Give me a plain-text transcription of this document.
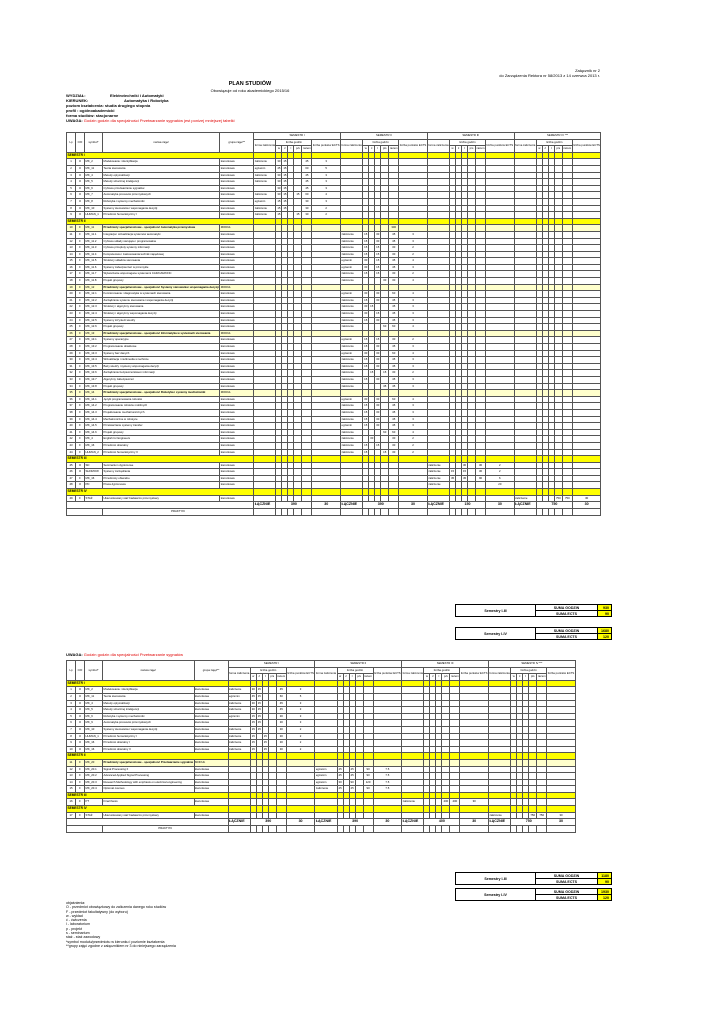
Załącznik nr 2
do Zarządzenia Rektora nr 58/2013 z 14 czerwca 2013 r.
PLAN STUDIÓW
Obowiązuje od roku akademickiego 2015/16
WYDZIAŁ:	Elektrotechniki i Automatyki
KIERUNEK:	Automatyka i Robotyka
poziom kształcenia: studia drugiego stopnia
profil : ogólnoakademicki
forma studiów: stacjonarne
UWAGA: Godzin godzin dla specjalności Przetwarzanie sygnałów jest ponizej mniejszej tabelki
Lp	O/F	symbol*	nazwa zajęć	grupa zajęć**	SEMESTR I							SEMESTR II							SEMESTR III							SEMESTR IV ***						
					forma zaliczenia	liczba godzin					liczba punktów ECTS	forma zaliczenia	liczba godzin					liczba punktów ECTS	forma zaliczenia	liczba godzin					liczba punktów ECTS	forma zaliczenia	liczba godzin					liczba punktów ECTS
						w	ć	l	p/s	razem			w	ć	l	p/s	razem			w	ć	l	p/s	razem			w	ć	l	p/s	razem	
SEMESTR I																																
1	O	MK_2	Modelowanie i identyfikacja	kierunkowe	zaliczenie	30	15			45	3																					
2	O	MK_11	Teoria sterowania	kierunkowe	egzamin	45	15			60	5																					
3	O	MK_4	Metody optymalizacji	kierunkowe	zaliczenie	30	15			45	3																					
4	O	MK_5	Metody sztucznej inteligencji	kierunkowe	zaliczenie	30	15			45	3																					
5	O	MK_6	Cyfrowe przetwarzanie sygnałów	kierunkowe		30	15			45	3																					
6	O	MK_7	Automatyka procesów przemysłowych	kierunkowe	zaliczenie	30	15		15	60	4																					
7	O	MK_8	Robotyka i systemy mechatroniki	kierunkowe	egzamin	15	15			30	3																					
8	O	MK_10	Systemy sterowania i wspomagania decyzji	kierunkowe	zaliczenie	15	15			30	2																					
9	O	HUMAN_1	Przedmiot humanistyczny I	kierunkowe	zaliczenie	15			15	30	2																					
SEMESTR II																																
10	F	MK_11	Przedmioty specjalnościowe - specjalność Automatyka przemysłowa	MODUŁ													300															
11	F	MK_11.1	Integracja i wizualizacja systemów automatyki	kierunkowe								zaliczenie	15		30		45	3														
12	F	MK_11.2	Cyfrowe układy sterujące i programowalne	kierunkowe								zaliczenie	15		30		45	3														
13	F	MK_11.3	Cyfrowe przeploty systemy informacji	kierunkowe								zaliczenie	15		15		30	2														
14	F	MK_11.4	Komputerowe i zastosowania technik napędowej	kierunkowe								zaliczenie	15		15		30	2														
15	F	MK_11.5	Struktury układów sterowania	kierunkowe								egzamin	30		15		45	4														
16	F	MK_11.6	Systemy zabezpieczeń w przemyśle	kierunkowe								egzamin	30		15		45	3														
17	F	MK_11.7	Wytwarzanie wspomagane systemami CAD/CAM/CNC	kierunkowe								zaliczenie	15		15		30	2														
18	F	MK_11.8	Projekt grupowy	kierunkowe								zaliczenie				30	30	4														
19	F	MK_12	Przedmioty specjalnościowe - specjalność Systemy sterowania i wspomagania decyzji	MODUŁ																												
20	F	MK_12.1	Komitorowanie i diagnostyka w systemach sterowania	kierunkowe								egzamin	30		30		60	4														
21	F	MK_12.2	Zarządzanie systemu sterowania i wspomagania decyzji	kierunkowe								zaliczenie	15		30		45	3														
22	F	MK_12.3	Struktury i algorytmy sterowania	kierunkowe								zaliczenie	30	15			45	3														
23	F	MK_12.4	Struktury i algorytmy wspomagania decyzji	kierunkowe								zaliczenie	30		15		45	3														
24	F	MK_12.5	Systemy inżynierii wiedzy	kierunkowe								zaliczenie	15		30		45	3														
25	F	MK_12.6	Projekt grupowy	kierunkowe								zaliczenie				60	60	4														
26	F	MK_13	Przedmioty specjalnościowe - specjalność Informatyka w systemach sterowania	MODUŁ																												
27	F	MK_13.1	Systemy operacyjne	kierunkowe								egzamin	15		15		30	2														
28	F	MK_13.2	Programowanie obiektowe	kierunkowe								zaliczenie	15		30		45	3														
29	F	MK_13.3	Systemy baz danych	kierunkowe								egzamin	30		30		60	4														
30	F	MK_13.4	Wizualizacja i multimedia w technice	kierunkowe								zaliczenie	15		30		45	3														
31	F	MK_13.5	Bazy wiedzy i systemy wspomagania decyzji	kierunkowe								zaliczenie	15		30		45	3														
32	F	MK_13.6	Zarządzanie bezpieczeństwem informacji	kierunkowe								zaliczenie		15		15	30	2														
33	F	MK_13.7	Algorytmy zabezpieczeń	kierunkowe								zaliczenie	15		30		45	3														
34	F	MK_13.8	Projekt grupowy	kierunkowe								zaliczenie				45	45	3														
35	F	MK_14	Przedmioty specjalnościowe - specjalność Robotyka i systemy mechatroniki	MODUŁ																												
36	F	MK_14.1	Języki programowania robotów	kierunkowe								egzamin	30		30		60	4														
37	F	MK_14.2	Programowanie robotów mobilnych	kierunkowe								zaliczenie	15		30		45	3														
38	F	MK_14.3	Projektowanie mechatronicznych	kierunkowe								zaliczenie	15		30		45	3														
39	F	MK_14.4	Mechatroniczne w robotyce	kierunkowe								zaliczenie	15		30		45	3														
40	F	MK_14.5	Przetwarzanie systemy transfer	kierunkowe								egzamin	15		30		45	3														
41	F	MK_14.6	Projekt grupowy	kierunkowe								zaliczenie				60	60	4														
42	F	MK_4	English for Engineers	kierunkowe								zaliczenie		30			30	2														
43	F	MK_16	Przedmiot obieralny	kierunkowe								zaliczenie	15		15		30	2														
44	F	HUMAN_2	Przedmiot humanistyczny II	kierunkowe								zaliczenie	15			15	30	2														
SEMESTR III																																
45	O	SD	Seminarium dyplomowe	kierunkowe															zaliczenie			30		30	2							
46	O	SHOMOW	Systemy zarządzania	kierunkowe															zaliczenie	15		15		30	2							
47	F	MK_16	Przedmioty obieralne	kierunkowe															zaliczenie	45		45		90	6							
48	O	PD	Praca dyplomowa	kierunkowe															zaliczenie						20							
SEMESTR IV																																
49	F	STAŻ	Ukierunkowany staż badawczo przemysłowy	kierunkowe																						zaliczenie				750	750	30
					ŁĄCZNIE	390					30	ŁĄCZNIE	390					30	ŁĄCZNIE	150					30	ŁĄCZNIE	750					30
			PRAKTYKI																													
Semestry I-III	SUMA GODZIN	930
	SUMA ECTS	90
Semestry I-IV	SUMA GODZIN	1680
	SUMA ECTS	120
UWAGA: Godzin godzin dla specjalności Przetwarzanie sygnałów
Lp	O/F	symbol*	nazwa zajęć	grupa zajęć**	SEMESTR I							SEMESTR II							SEMESTR III							SEMESTR IV ***						
					forma zaliczenia	liczba godzin					liczba punktów ECTS	forma zaliczenia	liczba godzin					liczba punktów ECTS	forma zaliczenia	liczba godzin					liczba punktów ECTS	forma zaliczenia	liczba godzin					liczba punktów ECTS
						w	ć	l	p/s	razem			w	ć	l	p/s	razem			w	ć	l	p/s	razem			w	ć	l	p/s	razem	
SEMESTR I																																
1	O	MK_2	Modelowanie i identyfikacja	kierunkowe	zaliczenie	30	15			45	3																					
2	O	MK_11	Teoria sterowania	kierunkowe	egzamin	45	15			60	5																					
3	O	MK_4	Metody optymalizacji	kierunkowe	zaliczenie	30	15			45	3																					
4	O	MK_5	Metody sztucznej inteligencji	kierunkowe	zaliczenie	30	15			45	3																					
5	O	MK_6	Robotyka i systemy mechatroniki	kierunkowe	egzamin	15	15			30	3																					
6	O	MK_9	Automatyka procesów przemysłowych	kierunkowe		15	15			30	3																					
7	O	MK_10	Systemy sterowania i wspomagania decyzji	kierunkowe	zaliczenie	15	15			30	2																					
8	O	HUMAN_1	Przedmiot humanistyczny I	kierunkowe	zaliczenie	15		15		30	2																					
9	O	MK_16	Przedmiot obieralny I	kierunkowe	zaliczenie	15		15		30	2																					
10	O	MK_16	Przedmiot obieralny II	kierunkowe	zaliczenie	15		15		30	2																					
SEMESTR II																																
11	F	MK_20	Przedmioty specjalnościowe - specjalność Przetwarzanie sygnałów	MODUŁ																												
12	F	MK_20.1	Signal Processing II	kierunkowe								egzamin	45		45		90	7.5														
13	F	MK_20.2	Advanced Applied Signal Processing	kierunkowe								egzamin	45		45		90	7.5														
14	F	MK_20.3	Research Methodology with emphasis on electrical engineering	kierunkowe								egzamin	30		90		120	7.5														
15	F	MK_20.4	Optional courses	kierunkowe								zaliczenie	45		45		90	7.5														
SEMESTR III																																
16	F	PT	Final thesis	kierunkowe															zaliczenie				400	400	30							
SEMESTR IV																																
17	F	STAŻ	Ukierunkowany staż badawczo przemysłowy	kierunkowe																						zaliczenie				750	750	30
					ŁĄCZNIE	390					30	ŁĄCZNIE	390					30	ŁĄCZNIE	400					30	ŁĄCZNIE	750					30
			PRAKTYKI																													
Semestry I-III	SUMA GODZIN	1180
	SUMA ECTS	90
Semestry I-IV	SUMA GODZIN	1930
	SUMA ECTS	120
objaśnienia:
O - przedmiot obowiązkowy do zaliczenia danego roku studiów
F - przedmiot fakultatywny (do wyboru)
w - wykład
ć - ćwiczenia
l - laboratorium
p - projekt
s - seminarium
staż - staż zawodowy
*symbol modułu/przedmiotu w kierunku i poziomie kształcenia
**grupy zajęć zgodne z załącznikiem nr 3 do niniejszego zarządzenia
